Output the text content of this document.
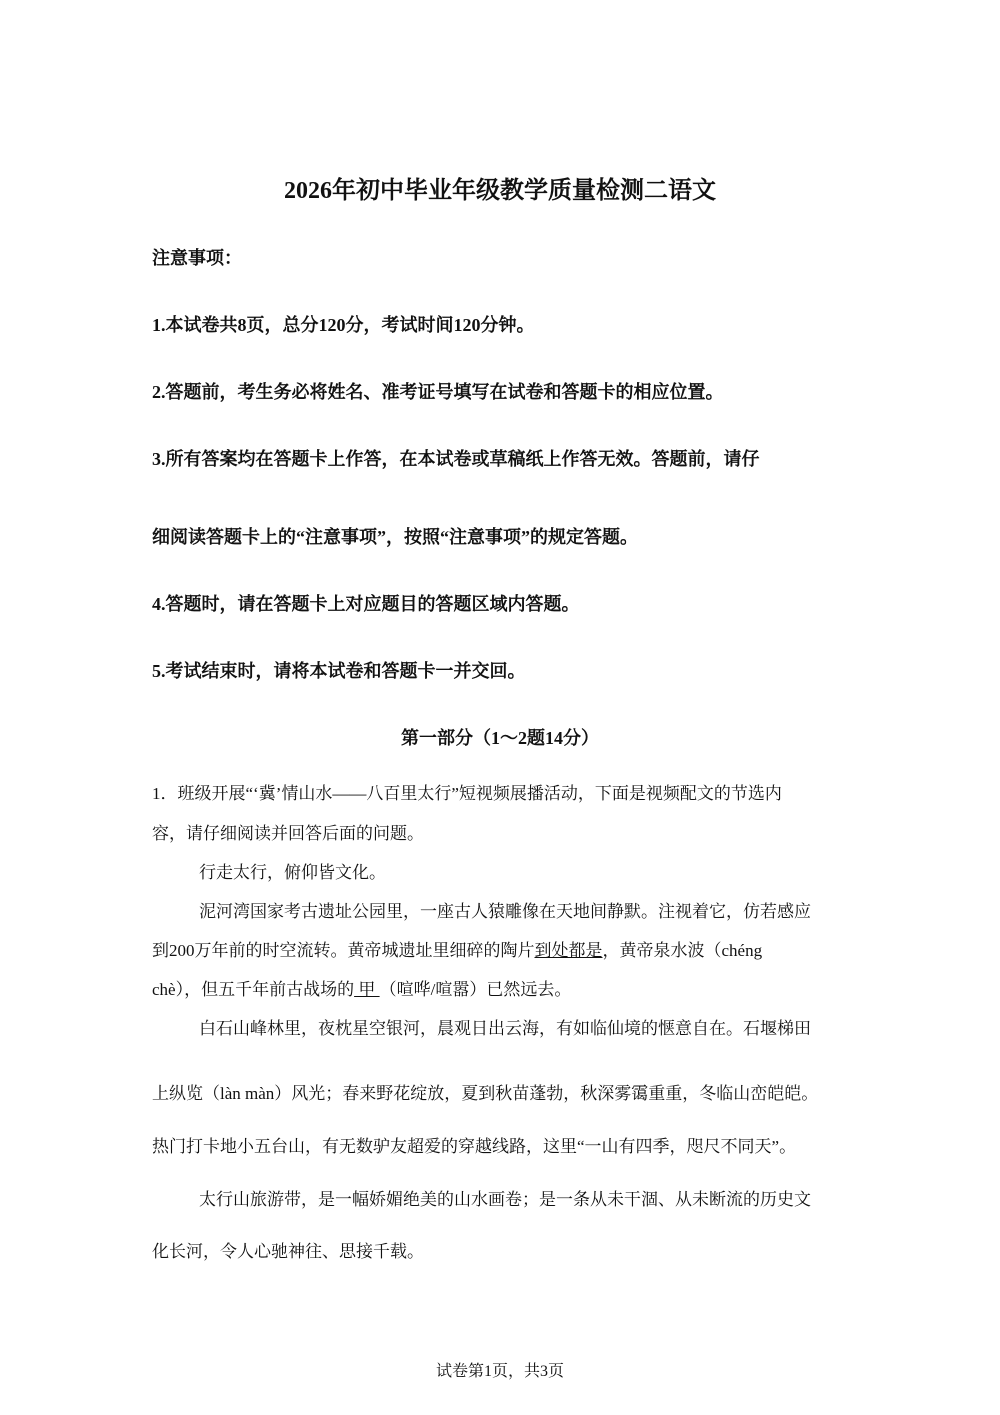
2026年初中毕业年级教学质量检测二语文
注意事项：
1.本试卷共8页，总分120分，考试时间120分钟。
2.答题前，考生务必将姓名、准考证号填写在试卷和答题卡的相应位置。
3.所有答案均在答题卡上作答，在本试卷或草稿纸上作答无效。答题前，请仔
细阅读答题卡上的“注意事项”，按照“注意事项”的规定答题。
4.答题时，请在答题卡上对应题目的答题区域内答题。
5.考试结束时，请将本试卷和答题卡一并交回。
第一部分（1～2题14分）
1．班级开展“‘冀’情山水——八百里太行”短视频展播活动，下面是视频配文的节选内
容，请仔细阅读并回答后面的问题。
行走太行，俯仰皆文化。
泥河湾国家考古遗址公园里，一座古人猿雕像在天地间静默。注视着它，仿若感应
到200万年前的时空流转。黄帝城遗址里细碎的陶片到处都是，黄帝泉水波（chéng
chè），但五千年前古战场的 甲 （喧哗/喧嚣）已然远去。
白石山峰林里，夜枕星空银河，晨观日出云海，有如临仙境的惬意自在。石堰梯田
上纵览（làn màn）风光；春来野花绽放，夏到秋苗蓬勃，秋深雾霭重重，冬临山峦皑皑。
热门打卡地小五台山，有无数驴友超爱的穿越线路，这里“一山有四季，咫尺不同天”。
太行山旅游带，是一幅娇媚绝美的山水画卷；是一条从未干涸、从未断流的历史文
化长河，令人心驰神往、思接千载。
试卷第1页，共3页
